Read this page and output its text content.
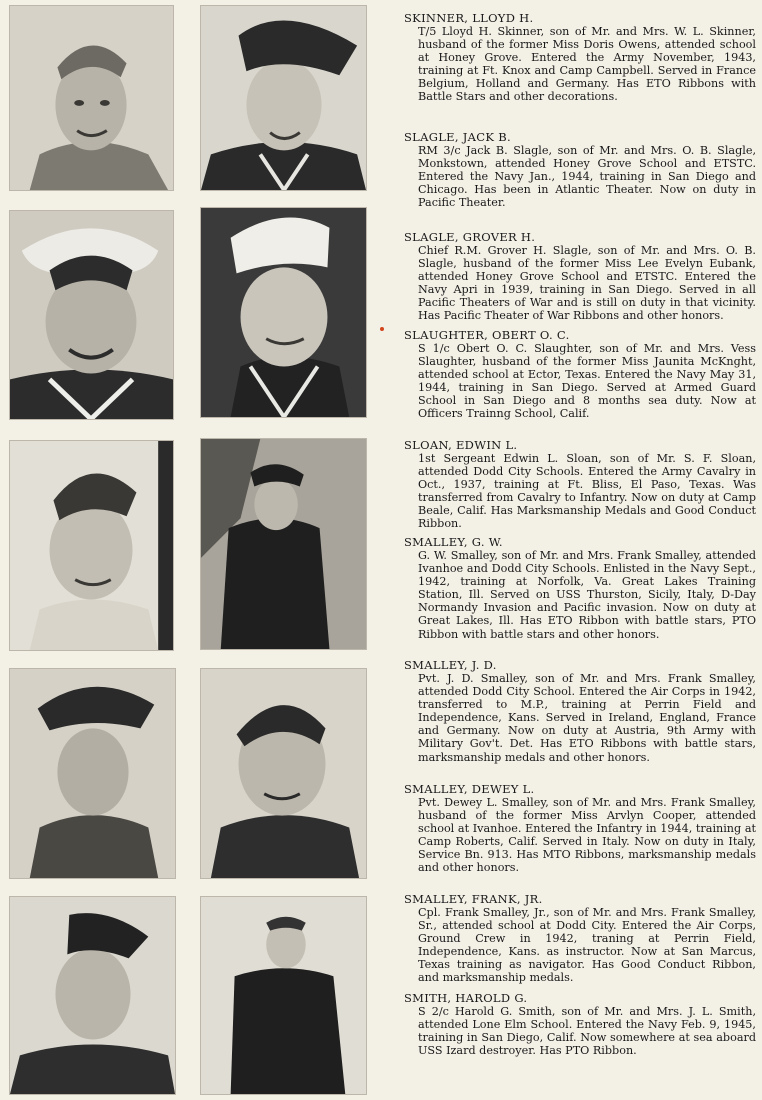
SKINNER, LLOYD H.

T/5 Lloyd H. Skinner, son of Mr. and Mrs. W. L. Skinner, husband of the former Miss Doris Owens, attended school at Honey Grove. Entered the Army November, 1943, training at Ft. Knox and Camp Campbell. Served in France Belgium, Holland and Germany. Has ETO Ribbons with Battle Stars and other decorations.

SLAGLE, JACK B.

RM 3/c Jack B. Slagle, son of Mr. and Mrs. O. B. Slagle, Monkstown, attended Honey Grove School and ETSTC. Entered the Navy Jan., 1944, training in San Diego and Chicago. Has been in Atlantic Theater. Now on duty in Pacific Theater.

SLAGLE, GROVER H.

Chief R.M. Grover H. Slagle, son of Mr. and Mrs. O. B. Slagle, husband of the former Miss Lee Evelyn Eubank, attended Honey Grove School and ETSTC. Entered the Navy Apri in 1939, training in San Diego. Served in all Pacific Theaters of War and is still on duty in that vicinity. Has Pacific Theater of War Ribbons and other honors.

SLAUGHTER, OBERT O. C.

S 1/c Obert O. C. Slaughter, son of Mr. and Mrs. Vess Slaughter, husband of the former Miss Jaunita McKnght, attended school at Ector, Texas. Entered the Navy May 31, 1944, training in San Diego. Served at Armed Guard School in San Diego and 8 months sea duty. Now at Officers Trainng School, Calif.

SLOAN, EDWIN L.

1st Sergeant Edwin L. Sloan, son of Mr. S. F. Sloan, attended Dodd City Schools. Entered the Army Cavalry in Oct., 1937, training at Ft. Bliss, El Paso, Texas. Was transferred from Cavalry to Infantry. Now on duty at Camp Beale, Calif. Has Marksmanship Medals and Good Conduct Ribbon.

SMALLEY, G. W.

G. W. Smalley, son of Mr. and Mrs. Frank Smalley, attended Ivanhoe and Dodd City Schools. Enlisted in the Navy Sept., 1942, training at Norfolk, Va. Great Lakes Training Station, Ill. Served on USS Thurston, Sicily, Italy, D-Day Normandy Invasion and Pacific invasion. Now on duty at Great Lakes, Ill. Has ETO Ribbon with battle stars, PTO Ribbon with battle stars and other honors.

SMALLEY, J. D.

Pvt. J. D. Smalley, son of Mr. and Mrs. Frank Smalley, attended Dodd City School. Entered the Air Corps in 1942, transferred to M.P., training at Perrin Field and Independence, Kans. Served in Ireland, England, France and Germany. Now on duty at Austria, 9th Army with Military Gov't. Det. Has ETO Ribbons with battle stars, marksmanship medals and other honors.

SMALLEY, DEWEY L.

Pvt. Dewey L. Smalley, son of Mr. and Mrs. Frank Smalley, husband of the former Miss Arvlyn Cooper, attended school at Ivanhoe. Entered the Infantry in 1944, training at Camp Roberts, Calif. Served in Italy. Now on duty in Italy, Service Bn. 913. Has MTO Ribbons, marksmanship medals and other honors.

SMALLEY, FRANK, JR.

Cpl. Frank Smalley, Jr., son of Mr. and Mrs. Frank Smalley, Sr., attended school at Dodd City. Entered the Air Corps, Ground Crew in 1942, traning at Perrin Field, Independence, Kans. as instructor. Now at San Marcus, Texas training as navigator. Has Good Conduct Ribbon, and marksmanship medals.

SMITH, HAROLD G.

S 2/c Harold G. Smith, son of Mr. and Mrs. J. L. Smith, attended Lone Elm School. Entered the Navy Feb. 9, 1945, training in San Diego, Calif. Now somewhere at sea aboard USS Izard destroyer. Has PTO Ribbon.
